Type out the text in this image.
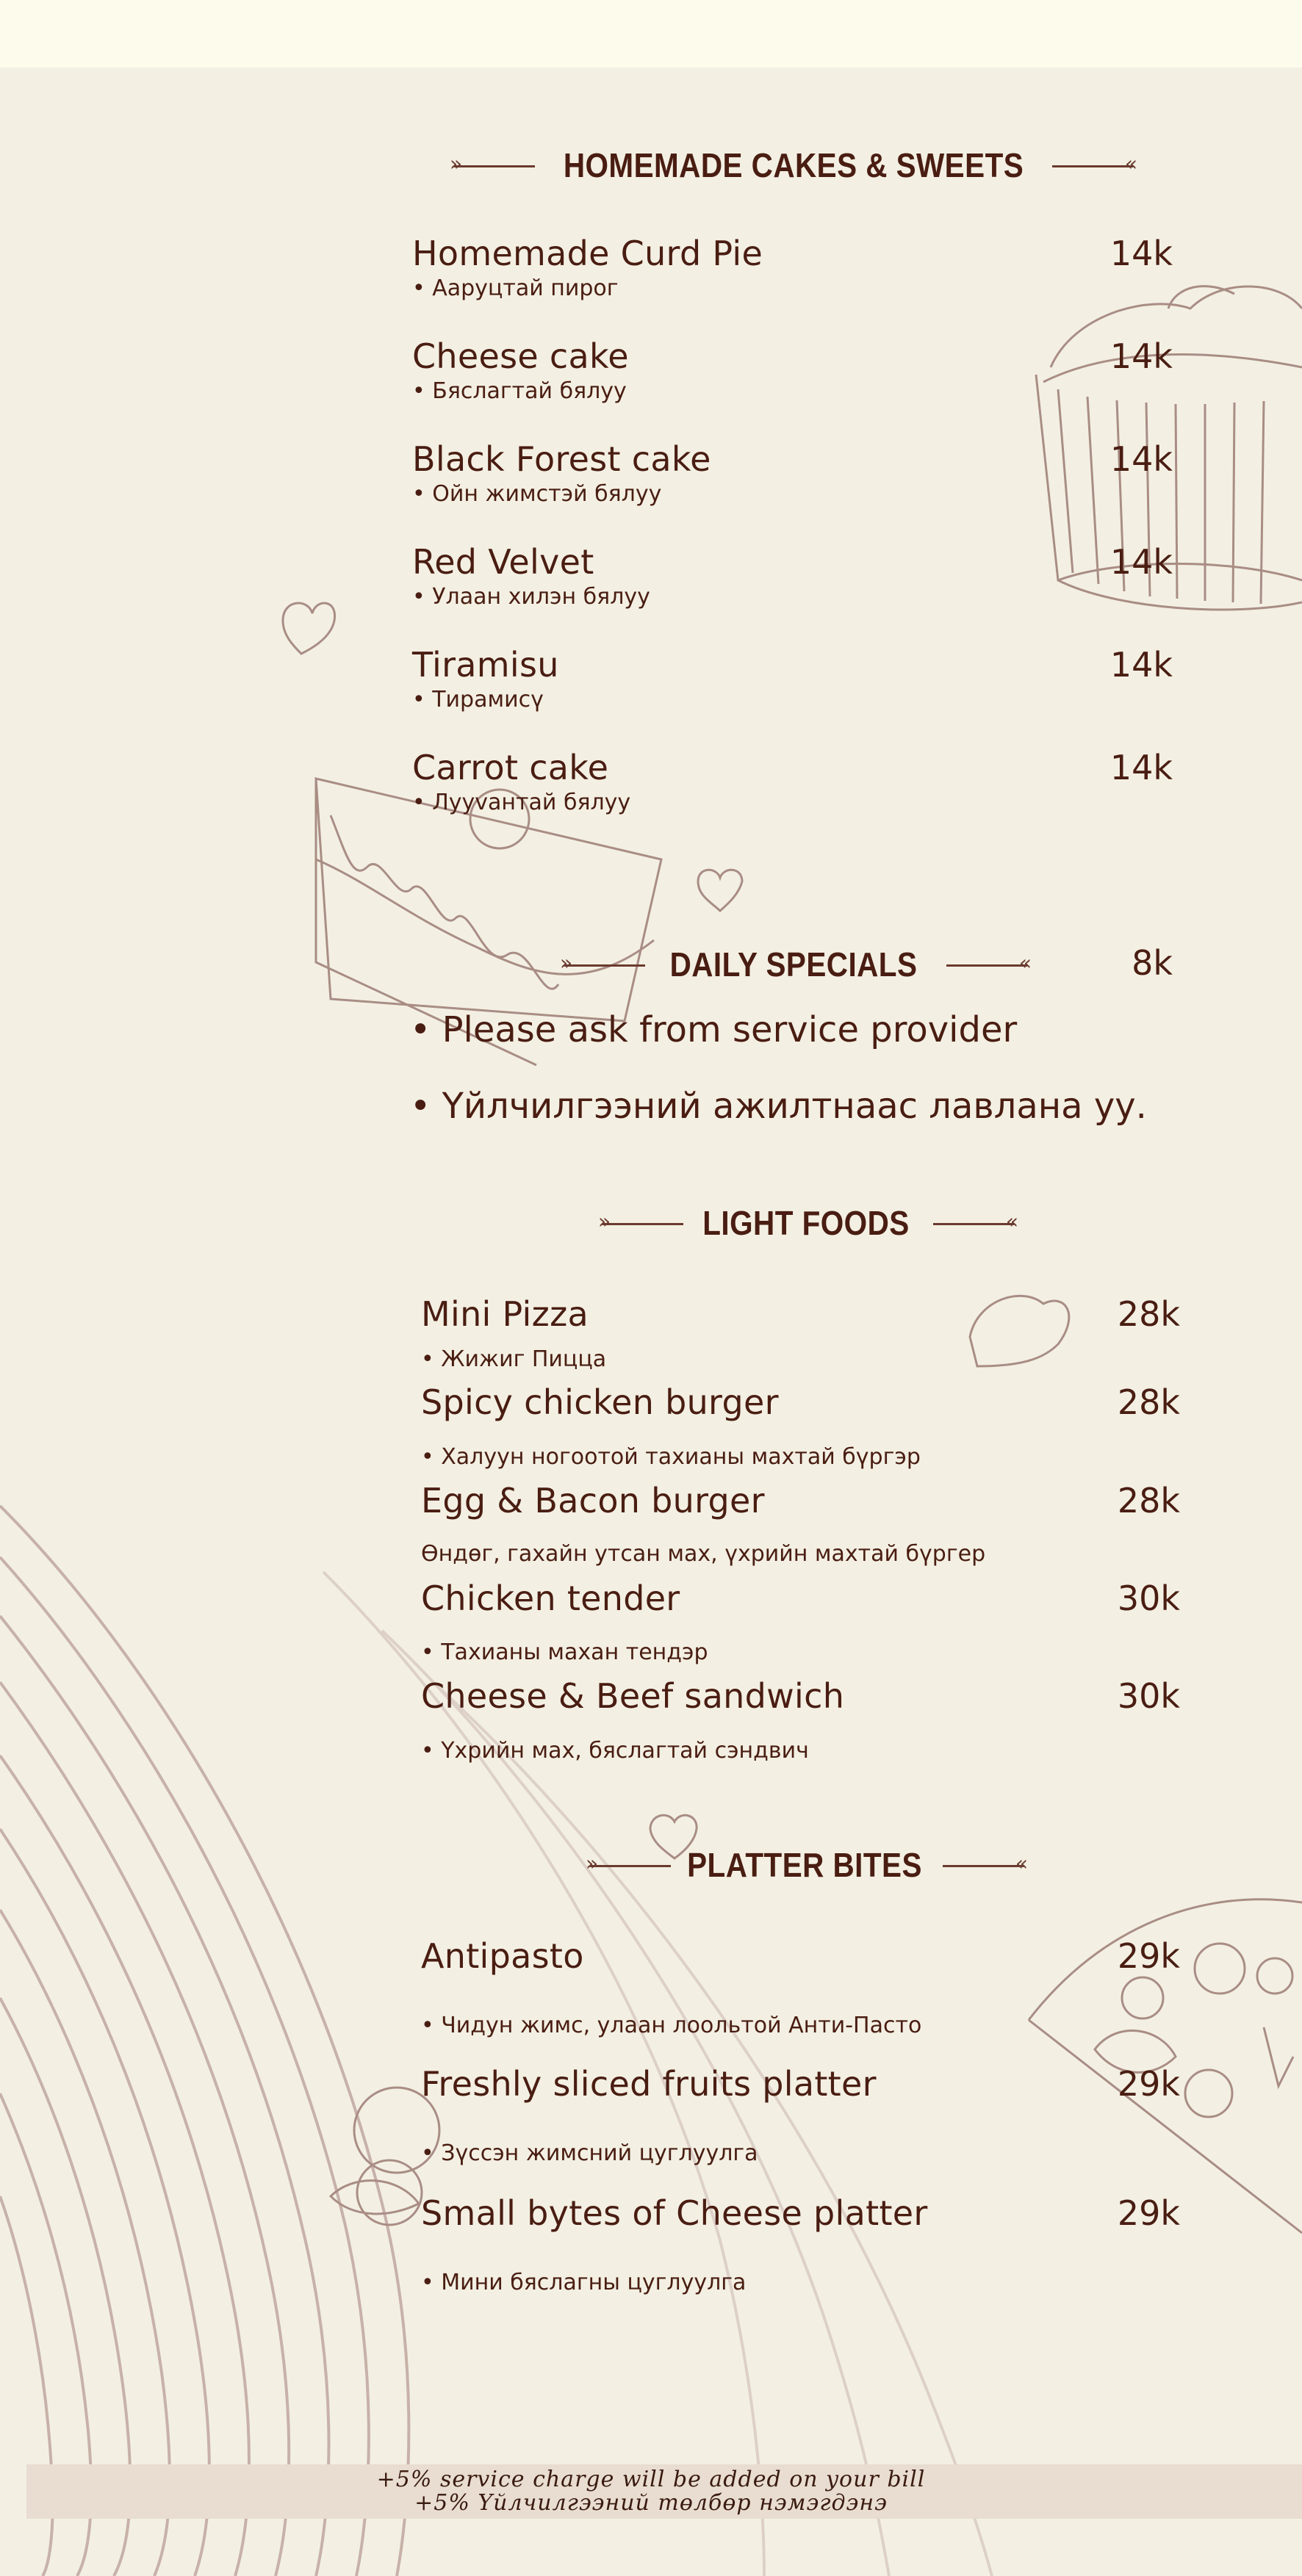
»
HOMEMADE CAKES & SWEETS
«
Homemade Curd Pie
• Ааруцтай пирог
14k
Cheese cake
• Бяслагтай бялуу
14k
Black Forest cake
• Ойн жимстэй бялуу
14k
Red Velvet
• Улаан хилэн бялуу
14k
Tiramisu
• Тирамисү
14k
Carrot cake
• Лууvантай бялуу
14k
»
DAILY SPECIALS
«	8k
• Please ask from service provider
• Үйлчилгээний ажилтнаас лавлана уу.
»
LIGHT FOODS
«
Mini Pizza
• Жижиг Пицца
28k
Spicy chicken burger
• Халуун ногоотой тахианы махтай бүргэр
28k
Egg & Bacon burger
Өндөг, гахайн утсан мах, үхрийн махтай бүргер
28k
Chicken tender
• Тахианы махан тендэр
30k
Cheese & Beef sandwich
• Үхрийн мах, бяслагтай сэндвич
30k
»
PLATTER BITES
«
Antipasto
• Чидун жимс, улаан лоольтой Анти-Пасто
29k
Freshly sliced fruits platter
• Зүссэн жимсний цуглуулга
29k
Small bytes of Cheese platter
• Мини бяслагны цуглуулга
29k
+5% service charge will be added on your bill
+5% Үйлчилгээний төлбөр нэмэгдэнэ
